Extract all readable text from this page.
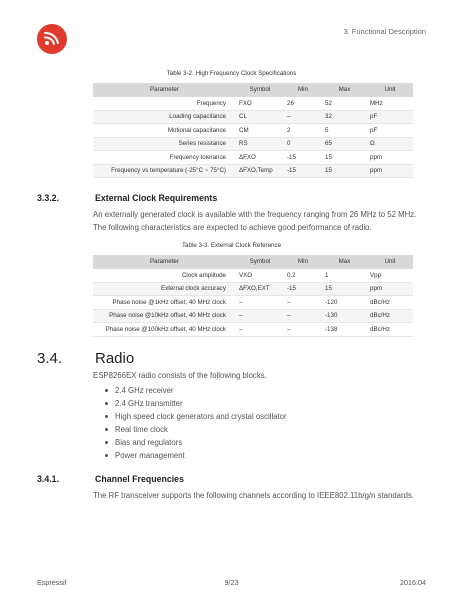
3. Functional Description
Table 3-2. High Frequency Clock Specifications
Parameter	Symbol	Min	Max	Unit
Frequency	FXO	26	52	MHz
Loading capacitance	CL	–	32	pF
Motional capacitance	CM	2	5	pF
Series resistance	RS	0	65	Ω
Frequency tolerance	ΔFXO	-15	15	ppm
Frequency vs temperature (-25°C ~ 75°C)	ΔFXO,Temp	-15	15	ppm
3.3.2.	External Clock Requirements
An externally generated clock is available with the frequency ranging from 26 MHz to 52 MHz. The following characteristics are expected to achieve good performance of radio.
Table 3-3. External Clock Reference
Parameter	Symbol	Min	Max	Unit
Clock amplitude	VXO	0.2	1	Vpp
External clock accuracy	ΔFXO,EXT	-15	15	ppm
Phase noise @1kHz offset, 40 MHz clock	–	–	-120	dBc/Hz
Phase noise @10kHz offset, 40 MHz clock	–	–	-130	dBc/Hz
Phase noise @100kHz offset, 40 MHz clock	–	–	-138	dBc/Hz
3.4. Radio
ESP8266EX radio consists of the following blocks.
2.4 GHz receiver
2.4 GHz transmitter
High speed clock generators and crystal oscillator
Real time clock
Bias and regulators
Power management
3.4.1.	Channel Frequencies
The RF transceiver supports the following channels according to IEEE802.11b/g/n standards.
Espressif	9/23	2016.04
